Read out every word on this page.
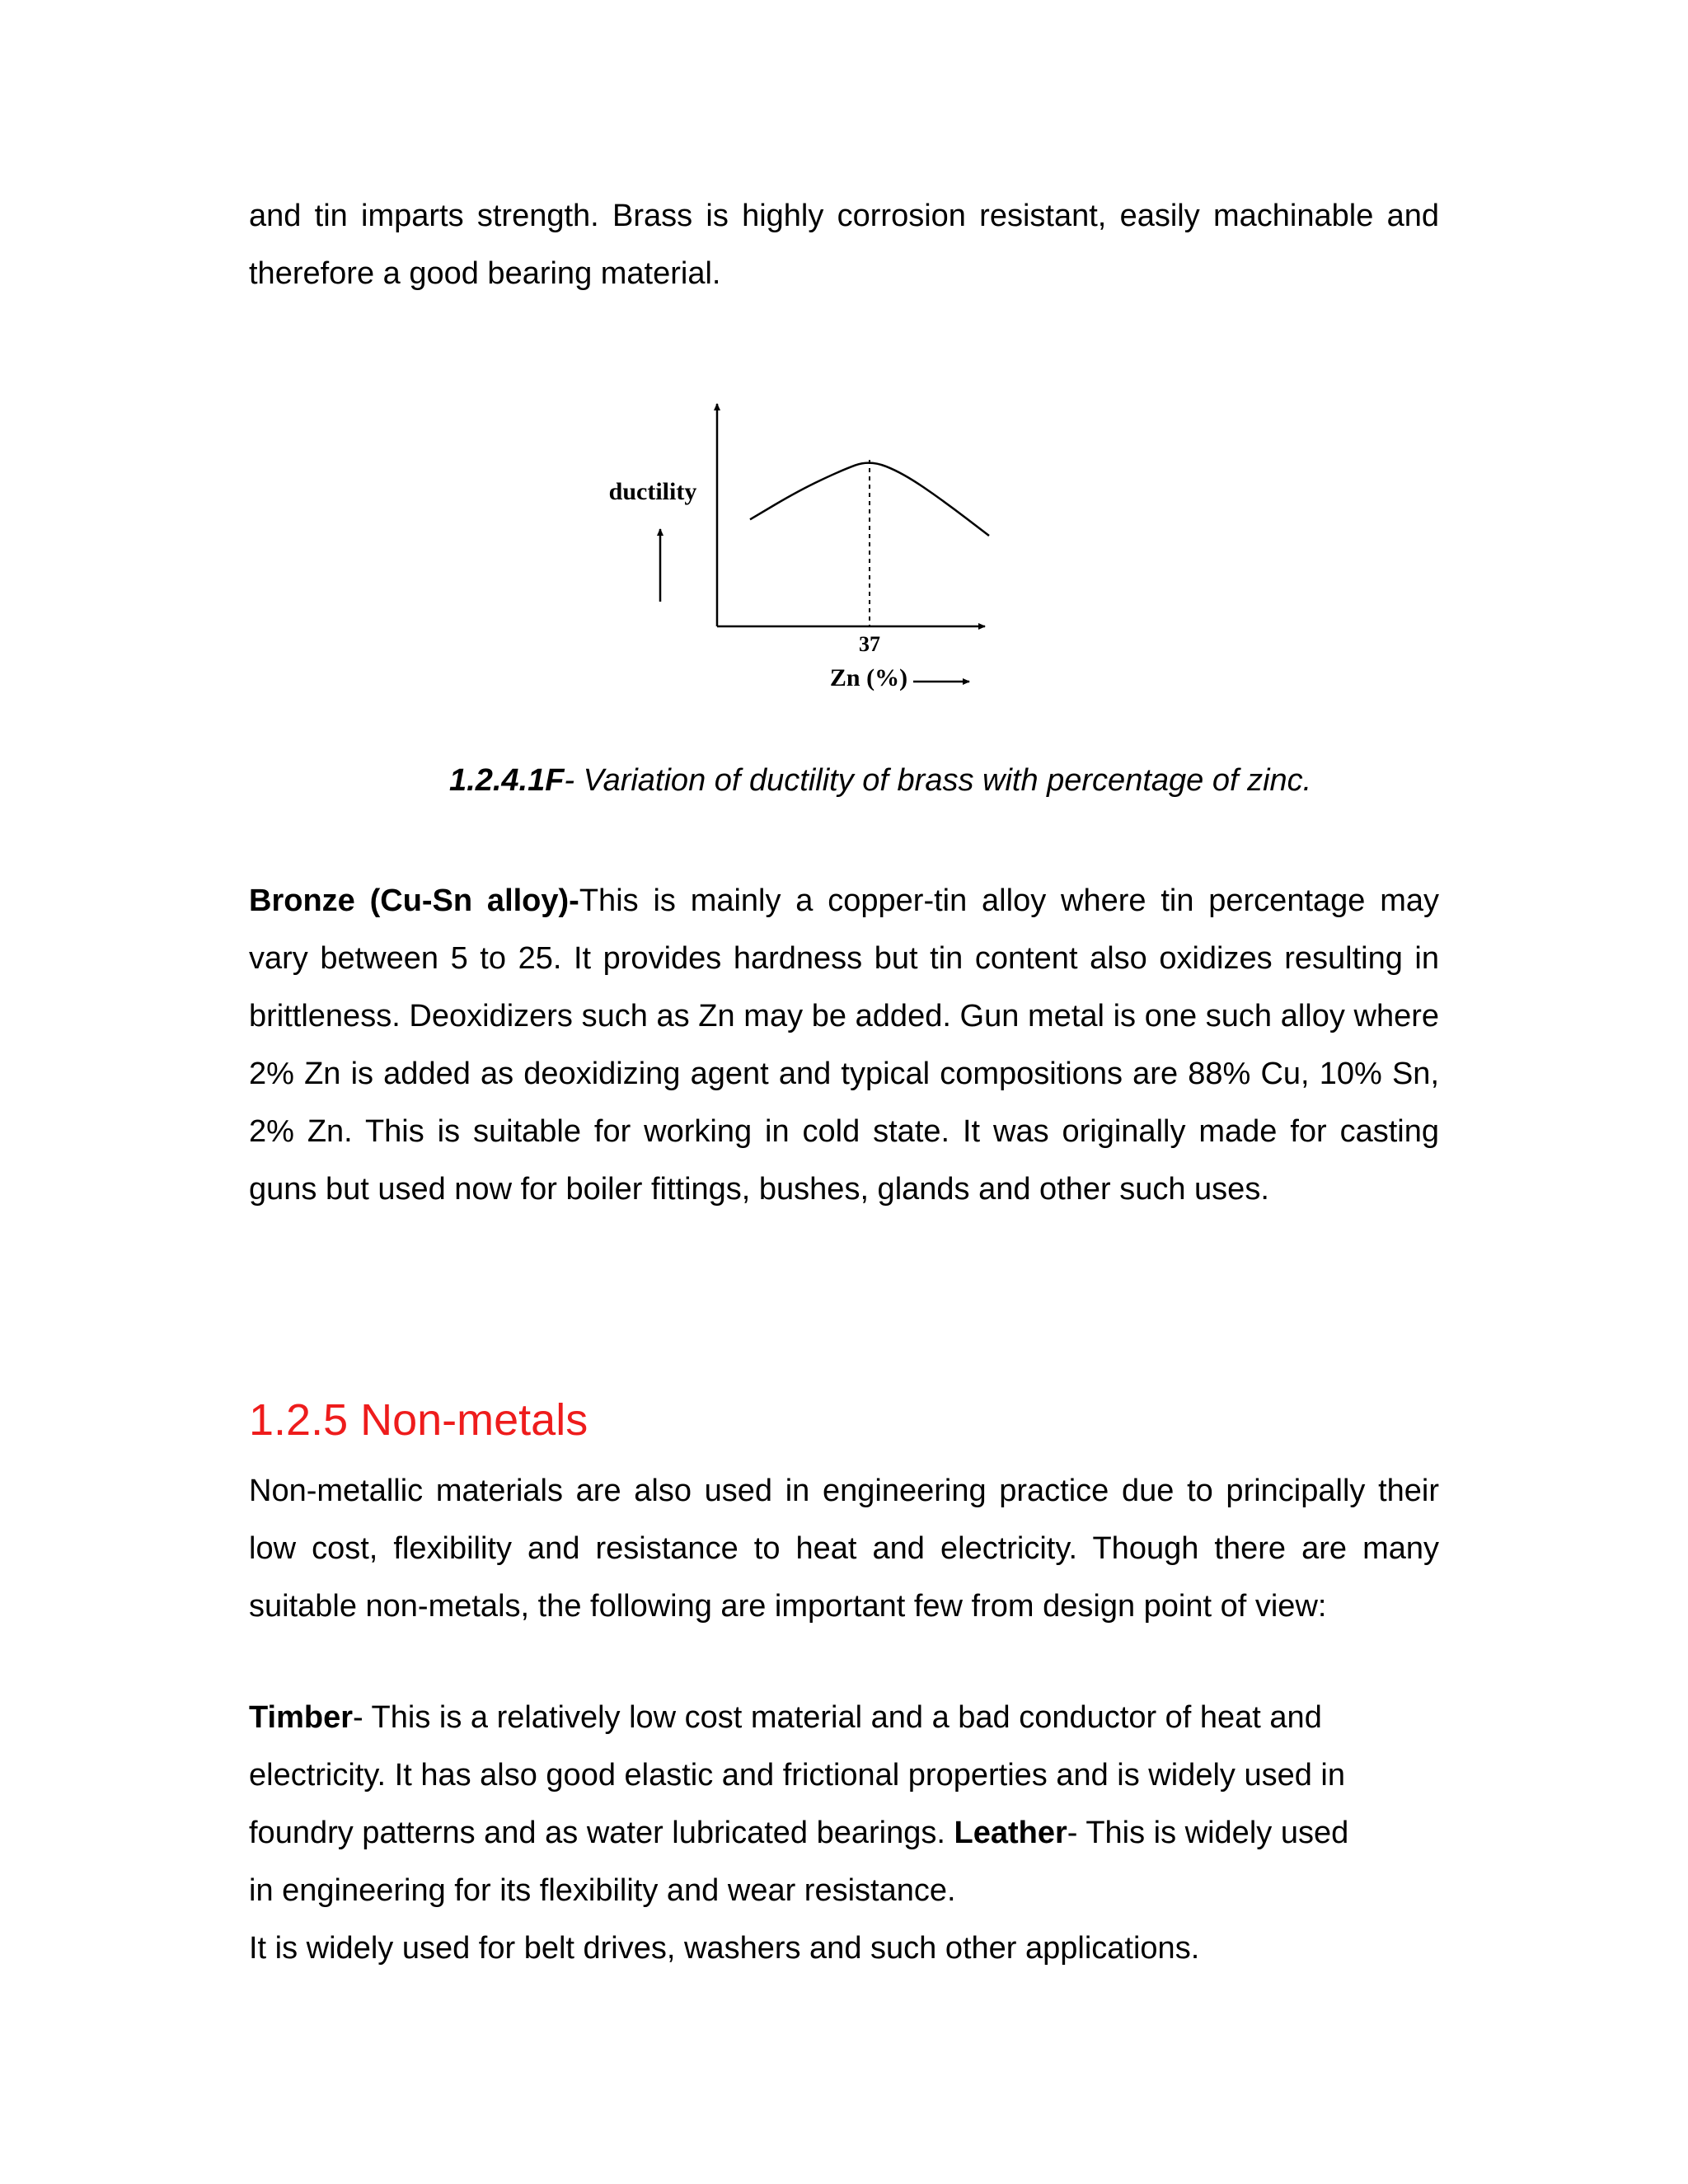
and tin imparts strength. Brass is highly corrosion resistant, easily machinable and therefore a good bearing material.

ductility
37
Zn (%)
1.2.4.1F- Variation of ductility of brass with percentage of zinc.

Bronze (Cu-Sn alloy)-This is mainly a copper-tin alloy where tin percentage may vary between 5 to 25. It provides hardness but tin content also oxidizes resulting in brittleness. Deoxidizers such as Zn may be added. Gun metal is one such alloy where 2% Zn is added as deoxidizing agent and typical compositions are 88% Cu, 10% Sn, 2% Zn. This is suitable for working in cold state. It was originally made for casting guns but used now for boiler fittings, bushes, glands and other such uses.

1.2.5 Non-metals

Non-metallic materials are also used in engineering practice due to principally their low cost, flexibility and resistance to heat and electricity. Though there are many suitable non-metals, the following are important few from design point of view:

Timber- This is a relatively low cost material and a bad conductor of heat and
electricity. It has also good elastic and frictional properties and is widely used in
foundry patterns and as water lubricated bearings. Leather- This is widely used
in engineering for its flexibility and wear resistance.
It is widely used for belt drives, washers and such other applications.
